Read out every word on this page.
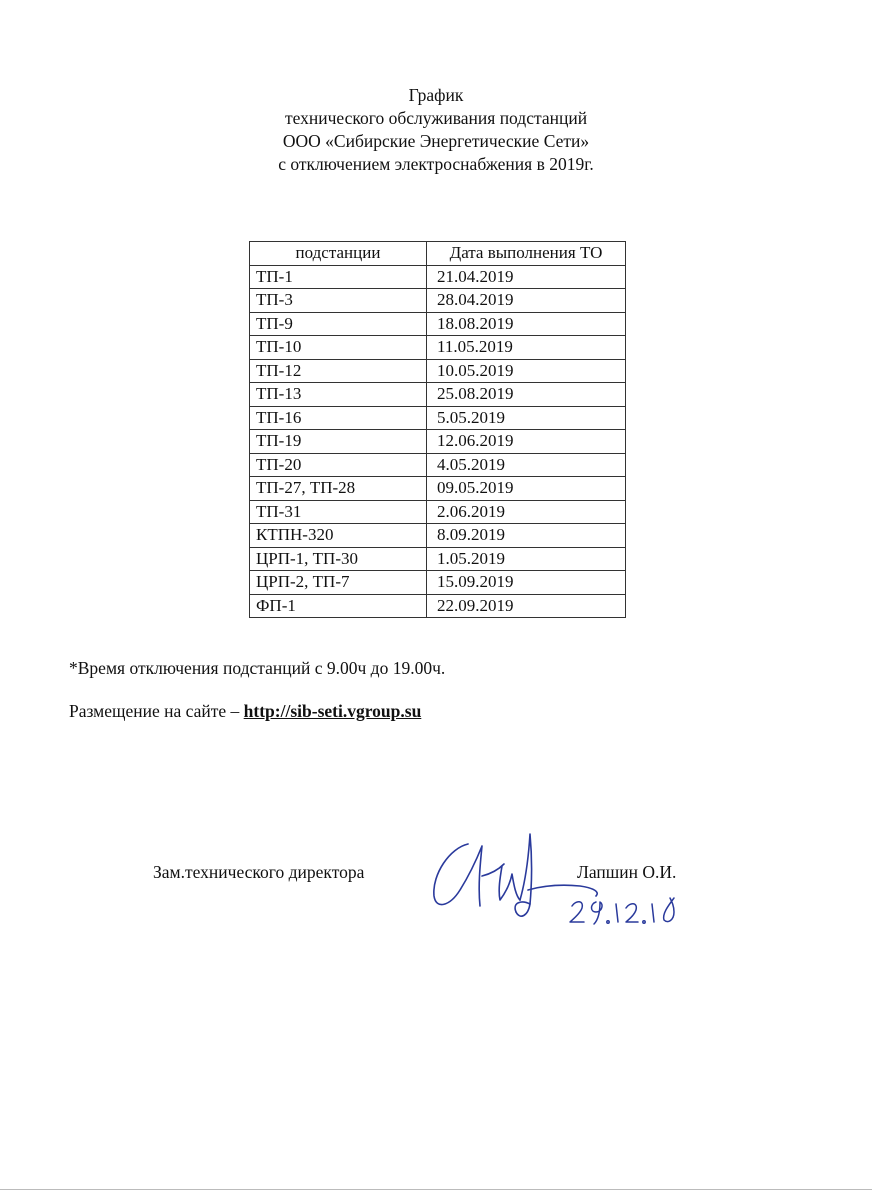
График
технического обслуживания подстанций
ООО «Сибирские Энергетические Сети»
с отключением электроснабжения в 2019г.
подстанции	Дата выполнения ТО
ТП-1	21.04.2019
ТП-3	28.04.2019
ТП-9	18.08.2019
ТП-10	11.05.2019
ТП-12	10.05.2019
ТП-13	25.08.2019
ТП-16	5.05.2019
ТП-19	12.06.2019
ТП-20	4.05.2019
ТП-27, ТП-28	09.05.2019
ТП-31	2.06.2019
КТПН-320	8.09.2019
ЦРП-1, ТП-30	1.05.2019
ЦРП-2, ТП-7	15.09.2019
ФП-1	22.09.2019
*Время отключения подстанций с 9.00ч до 19.00ч.
Размещение на сайте – http://sib-seti.vgroup.su
Зам.технического директора	Лапшин О.И.
